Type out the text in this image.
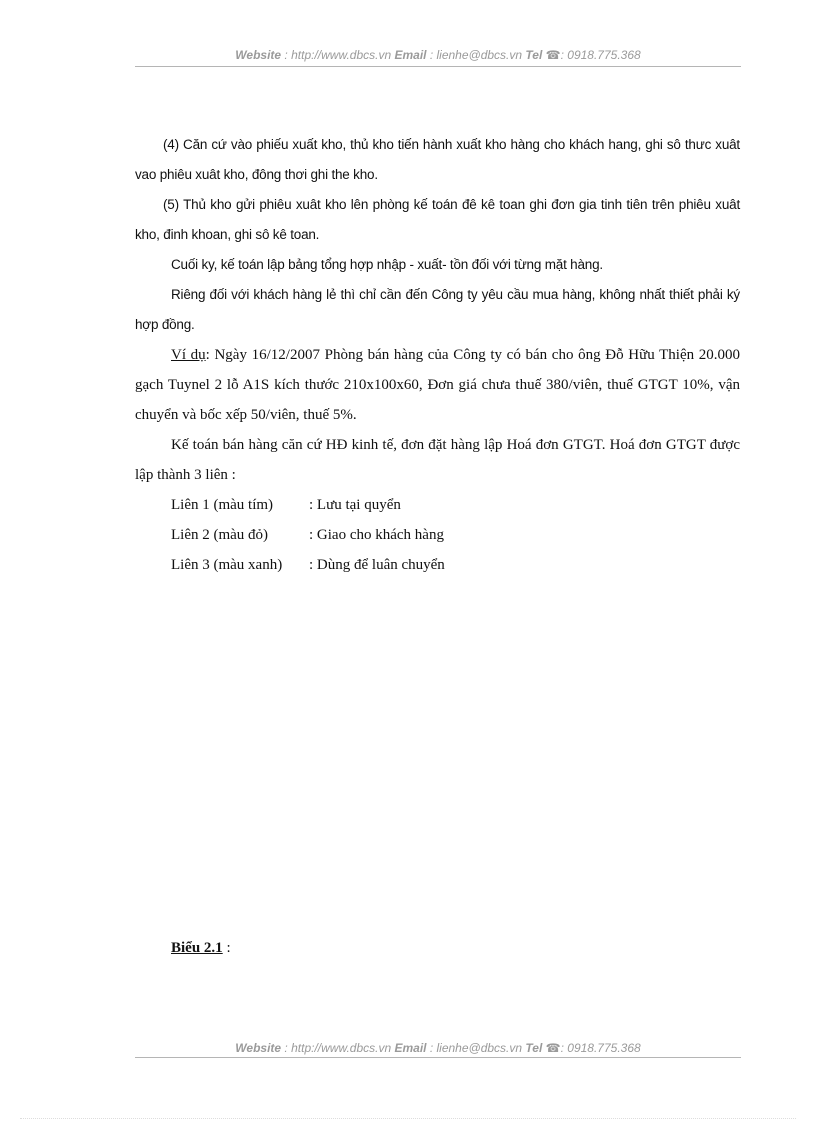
Website : http://www.dbcs.vn Email : lienhe@dbcs.vn Tel ☎: 0918.775.368

(4) Căn cứ vào phiếu xuất kho, thủ kho tiến hành xuất kho hàng cho khách hang, ghi sô thưc xuât vao phiêu xuât kho, đông thơi ghi the kho.

(5) Thủ kho gửi phiêu xuât kho lên phòng kế toán đê kê toan ghi đơn gia tinh tiên trên phiêu xuât kho, đinh khoan, ghi sô kê toan.

Cuối ky, kế toán lập bảng tổng hợp nhập - xuất- tồn đối với từng mặt hàng.

Riêng đối với khách hàng lẻ thì chỉ cần đến Công ty yêu cầu mua hàng, không nhất thiết phải ký hợp đồng.

Ví dụ: Ngày 16/12/2007 Phòng bán hàng của Công ty có bán cho ông Đỗ Hữu Thiện 20.000 gạch Tuynel 2 lỗ A1S kích thước 210x100x60, Đơn giá chưa thuế 380/viên, thuế GTGT 10%, vận chuyển và bốc xếp 50/viên, thuế 5%.

Kế toán bán hàng căn cứ HĐ kinh tế, đơn đặt hàng lập Hoá đơn GTGT. Hoá đơn GTGT được lập thành 3 liên :

Liên 1 (màu tím) : Lưu tại quyển

Liên 2 (màu đỏ)	: Giao cho khách hàng

Liên 3 (màu xanh) : Dùng để luân chuyển

Biểu 2.1 :
Website : http://www.dbcs.vn Email : lienhe@dbcs.vn Tel ☎: 0918.775.368
